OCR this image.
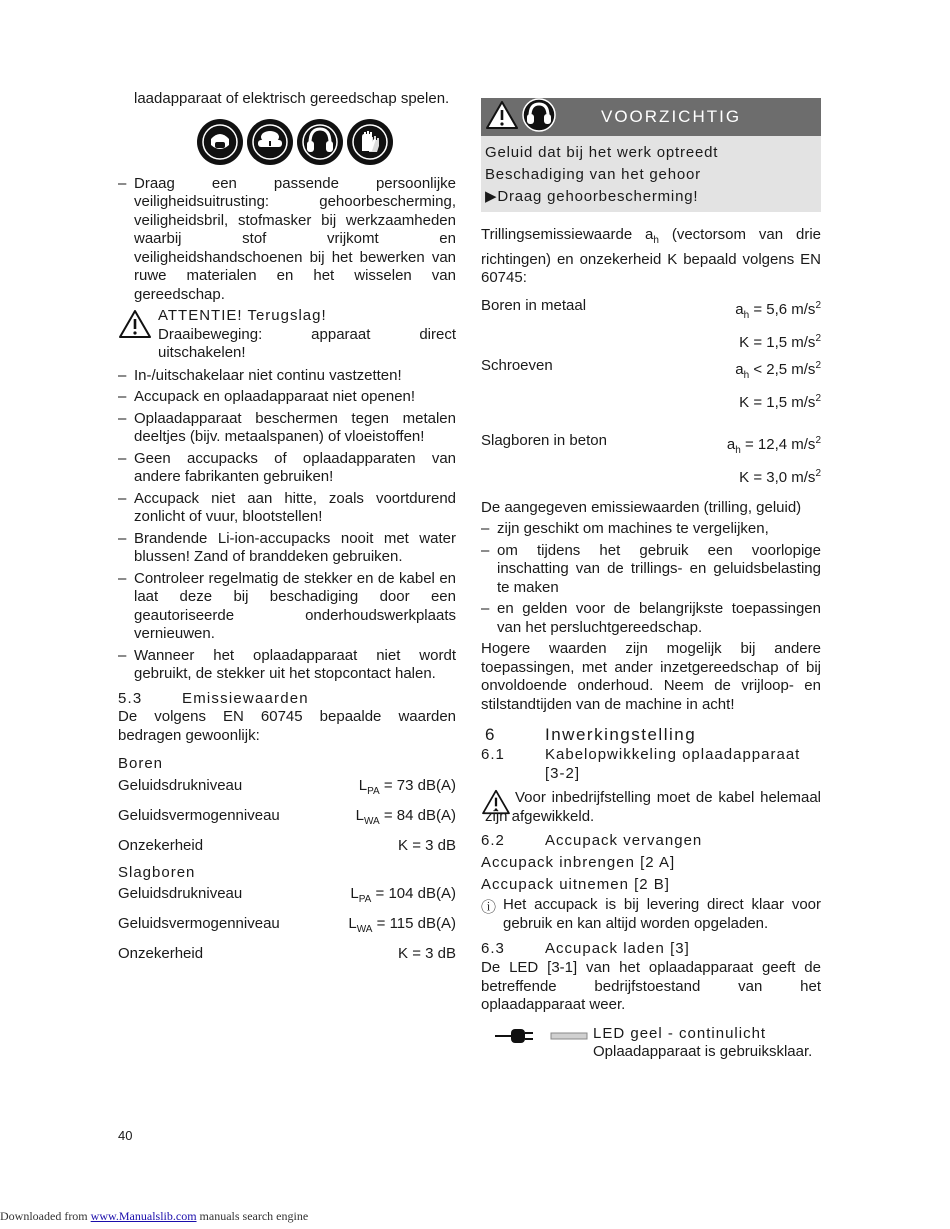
laadapparaat of elektrisch gereedschap spelen.

– Draag een passende persoonlijke veiligheidsuitrusting: gehoorbescherming, veiligheidsbril, stofmasker bij werkzaamheden waarbij stof vrijkomt en veiligheidshandschoenen bij het bewerken van ruwe materialen en het wisselen van gereedschap.

ATTENTIE! Terugslag!

Draaibeweging: apparaat direct uitschakelen!

– In-/uitschakelaar niet continu vastzetten!
– Accupack en oplaadapparaat niet openen!
– Oplaadapparaat beschermen tegen metalen deeltjes (bijv. metaalspanen) of vloeistoffen!
– Geen accupacks of oplaadapparaten van andere fabrikanten gebruiken!
– Accupack niet aan hitte, zoals voortdurend zonlicht of vuur, blootstellen!
– Brandende Li-ion-accupacks nooit met water blussen! Zand of branddeken gebruiken.
– Controleer regelmatig de stekker en de kabel en laat deze bij beschadiging door een geautoriseerde onderhoudswerkplaats vernieuwen.
– Wanneer het oplaadapparaat niet wordt gebruikt, de stekker uit het stopcontact halen.

5.3	Emissiewaarden

De volgens EN 60745 bepaalde waarden bedragen gewoonlijk:

Boren

Geluidsdrukniveau	$L_{PA} = 73$ dB(A)
Geluidsvermogenniveau	$L_{WA} = 84$ dB(A)
Onzekerheid	K = 3 dB

Slagboren

Geluidsdrukniveau	$L_{PA} = 104$ dB(A)
Geluidsvermogenniveau	$L_{WA} = 115$ dB(A)
Onzekerheid	K = 3 dB
40
VOORZICHTIG
Geluid dat bij het werk optreedt
Beschadiging van het gehoor
▶Draag gehoorbescherming!

Trillingsemissiewaarde $a_h$ (vectorsom van drie richtingen) en onzekerheid K bepaald volgens EN 60745:

Boren in metaal	$a_h = 5,6$ $m/s^2$
K = 1,5 $m/s^2$
Schroeven	$a_h < 2,5$ $m/s^2$
K = 1,5 $m/s^2$
Slagboren in beton	$a_h = 12,4$ $m/s^2$
K = 3,0 $m/s^2$

De aangegeven emissiewaarden (trilling, geluid)

– zijn geschikt om machines te vergelijken,
– om tijdens het gebruik een voorlopige inschatting van de trillings- en geluidsbelasting te maken
– en gelden voor de belangrijkste toepassingen van het persluchtgereedschap.

Hogere waarden zijn mogelijk bij andere toepassingen, met ander inzetgereedschap of bij onvoldoende onderhoud. Neem de vrijloop- en stilstandtijden van de machine in acht!

6	Inwerkingstelling

6.1	Kabelopwikkeling oplaadapparaat [3-2]

Voor inbedrijfstelling moet de kabel helemaal zijn afgewikkeld.

6.2	Accupack vervangen

Accupack inbrengen [2 A]

Accupack uitnemen [2 B]

ⓘ Het accupack is bij levering direct klaar voor gebruik en kan altijd worden opgeladen.

6.3	Accupack laden [3]

De LED [3-1] van het oplaadapparaat geeft de betreffende bedrijfstoestand van het oplaadapparaat weer.

LED geel - continulicht

Oplaadapparaat is gebruiksklaar.

Downloaded from www.Manualslib.com manuals search engine
